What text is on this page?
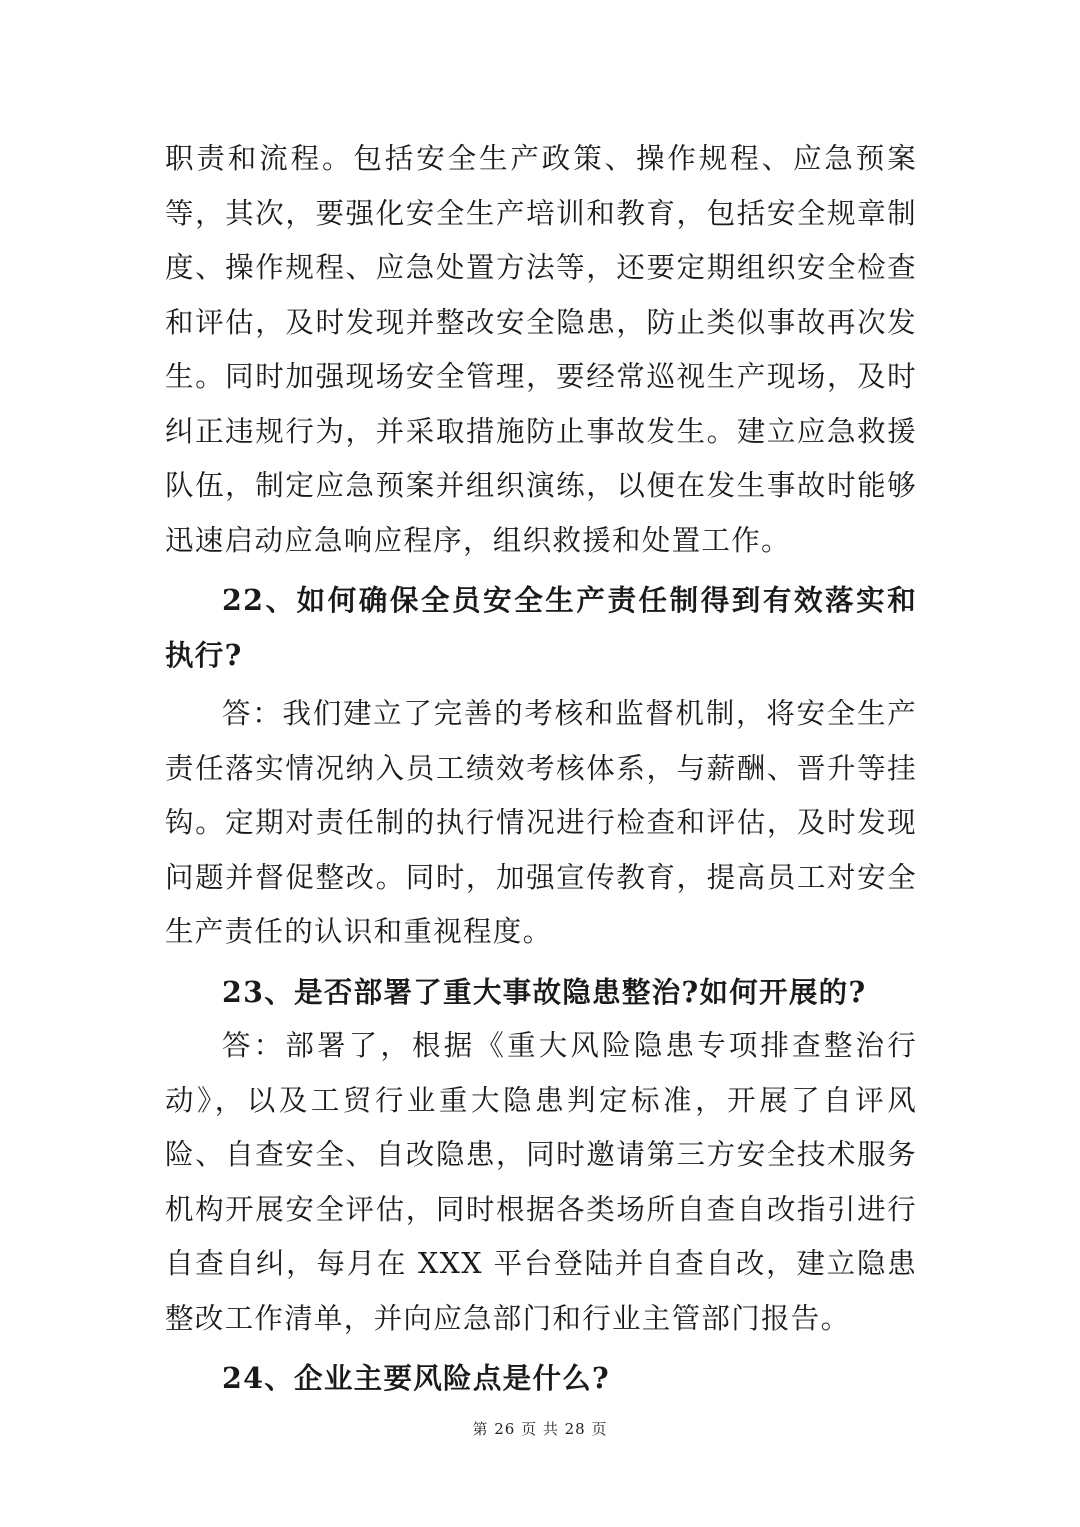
职责和流程。包括安全生产政策、操作规程、应急预案等，其次，要强化安全生产培训和教育，包括安全规章制度、操作规程、应急处置方法等，还要定期组织安全检查和评估，及时发现并整改安全隐患，防止类似事故再次发生。同时加强现场安全管理，要经常巡视生产现场，及时纠正违规行为，并采取措施防止事故发生。建立应急救援队伍，制定应急预案并组织演练，以便在发生事故时能够迅速启动应急响应程序，组织救援和处置工作。

22、如何确保全员安全生产责任制得到有效落实和执行?

答：我们建立了完善的考核和监督机制，将安全生产责任落实情况纳入员工绩效考核体系，与薪酬、晋升等挂钩。定期对责任制的执行情况进行检查和评估，及时发现问题并督促整改。同时，加强宣传教育，提高员工对安全生产责任的认识和重视程度。

23、是否部署了重大事故隐患整治?如何开展的?

答：部署了，根据《重大风险隐患专项排查整治行动》，以及工贸行业重大隐患判定标准，开展了自评风险、自查安全、自改隐患，同时邀请第三方安全技术服务机构开展安全评估，同时根据各类场所自查自改指引进行自查自纠，每月在 XXX 平台登陆并自查自改，建立隐患整改工作清单，并向应急部门和行业主管部门报告。

24、企业主要风险点是什么?

第 26 页 共 28 页
